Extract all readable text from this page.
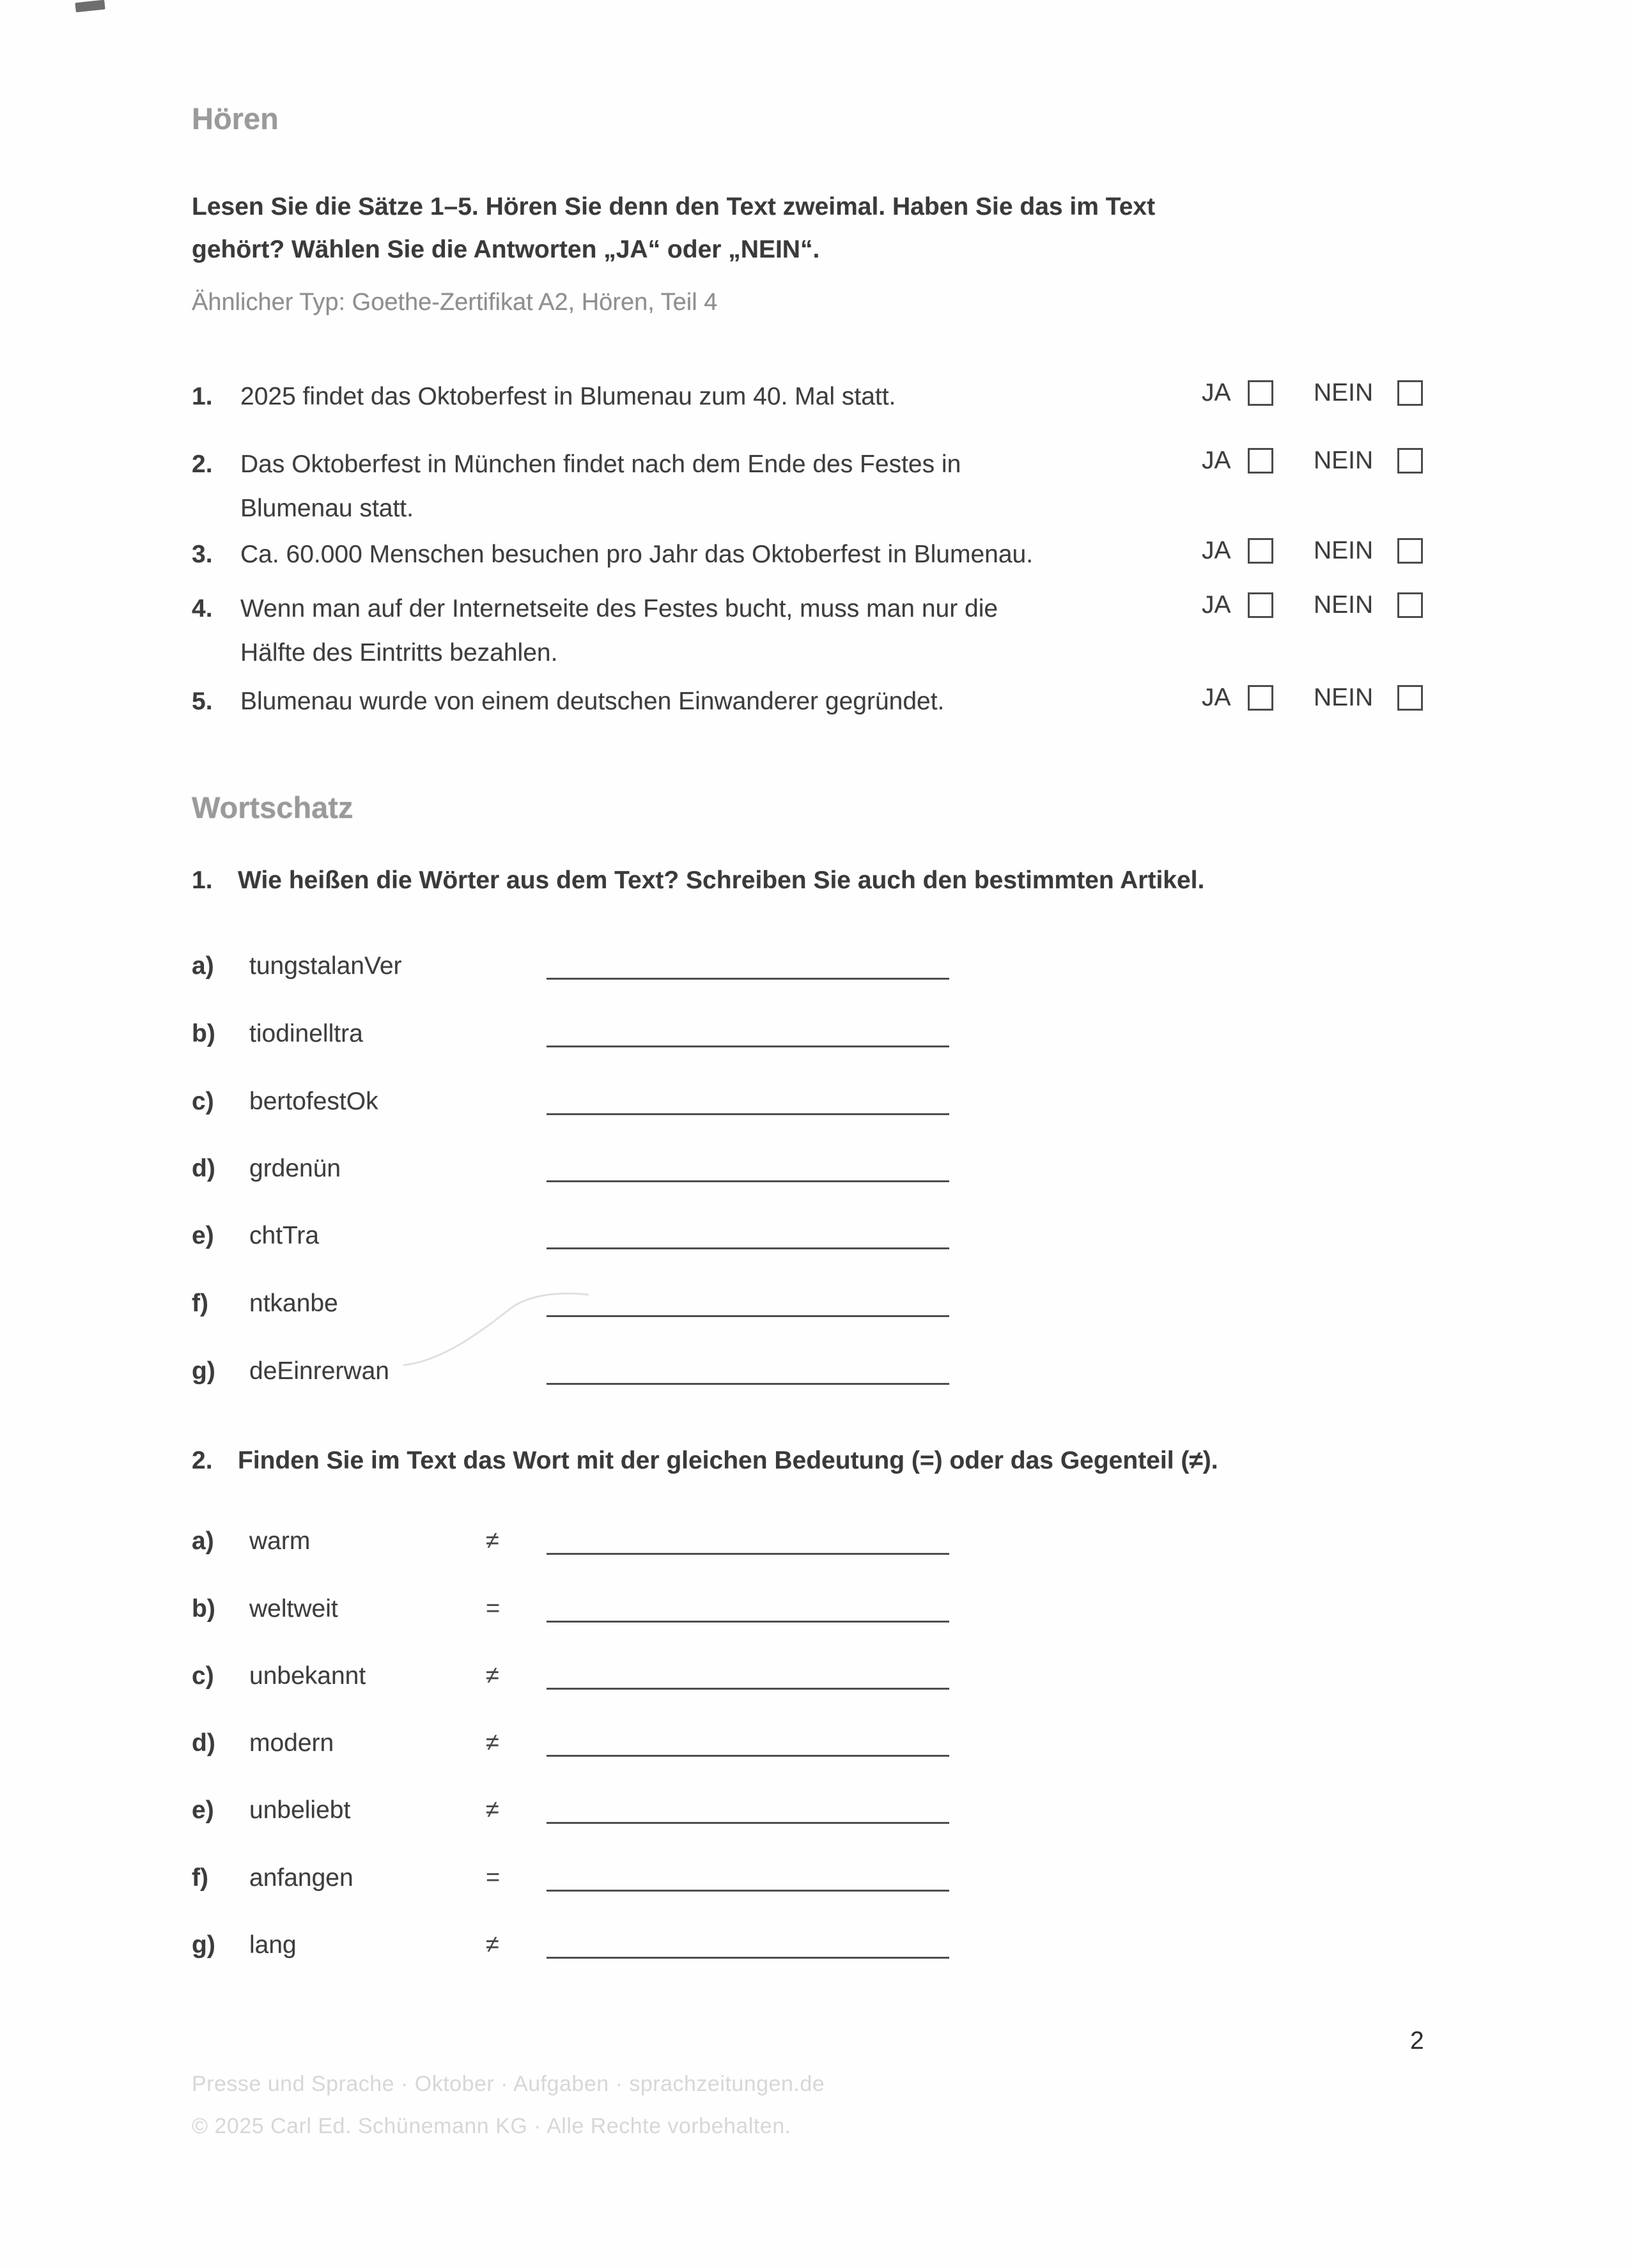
Hören

Lesen Sie die Sätze 1–5. Hören Sie denn den Text zweimal. Haben Sie das im Text
gehört? Wählen Sie die Antworten „JA“ oder „NEIN“.

Ähnlicher Typ: Goethe-Zertifikat A2, Hören, Teil 4

1. 2025 findet das Oktoberfest in Blumenau zum 40. Mal statt.	JA	NEIN
2. Das Oktoberfest in München findet nach dem Ende des Festes in
Blumenau statt.
JA	NEIN
3. Ca. 60.000 Menschen besuchen pro Jahr das Oktoberfest in Blumenau.	JA	NEIN
4. Wenn man auf der Internetseite des Festes bucht, muss man nur die
Hälfte des Eintritts bezahlen.
JA	NEIN
5. Blumenau wurde von einem deutschen Einwanderer gegründet.	JA	NEIN
Wortschatz

1. Wie heißen die Wörter aus dem Text? Schreiben Sie auch den bestimmten Artikel.

a) tungstalanVer
b) tiodinelltra
c) bertofestOk
d) grdenün
e) chtTra
f) ntkanbe
g) deEinrerwan

2. Finden Sie im Text das Wort mit der gleichen Bedeutung (=) oder das Gegenteil (≠).

a) warm	≠
b) weltweit	=
c) unbekannt	≠
d) modern	≠
e) unbeliebt	≠
f) anfangen	=
g) lang	≠
2
Presse und Sprache · Oktober · Aufgaben · sprachzeitungen.de
© 2025 Carl Ed. Schünemann KG · Alle Rechte vorbehalten.
